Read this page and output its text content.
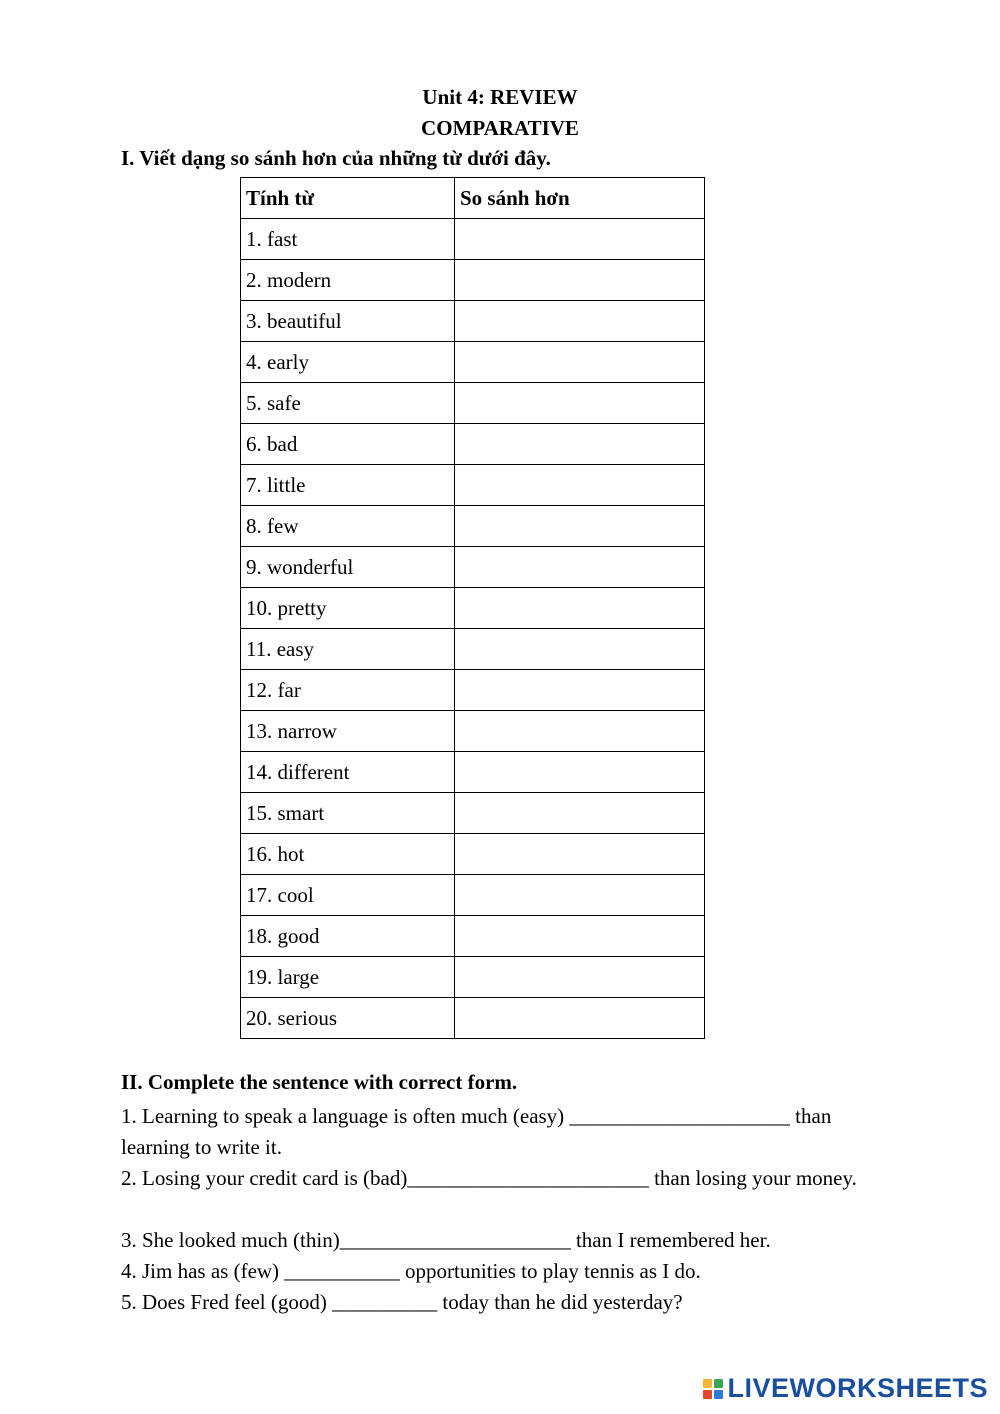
Unit 4: REVIEW
COMPARATIVE
I. Viết dạng so sánh hơn của những từ dưới đây.
Tính từ	So sánh hơn
1. fast	
2. modern	
3. beautiful	
4. early	
5. safe	
6. bad	
7. little	
8. few	
9. wonderful	
10. pretty	
11. easy	
12. far	
13. narrow	
14. different	
15. smart	
16. hot	
17. cool	
18. good	
19. large	
20. serious	
II. Complete the sentence with correct form.
1. Learning to speak a language is often much (easy) _____________________ than learning to write it.
2. Losing your credit card is (bad)_______________________ than losing your money.
3. She looked much (thin)______________________ than I remembered her.
4. Jim has as (few) ___________ opportunities to play tennis as I do.
5. Does Fred feel (good) __________ today than he did yesterday?
LIVEWORKSHEETS
